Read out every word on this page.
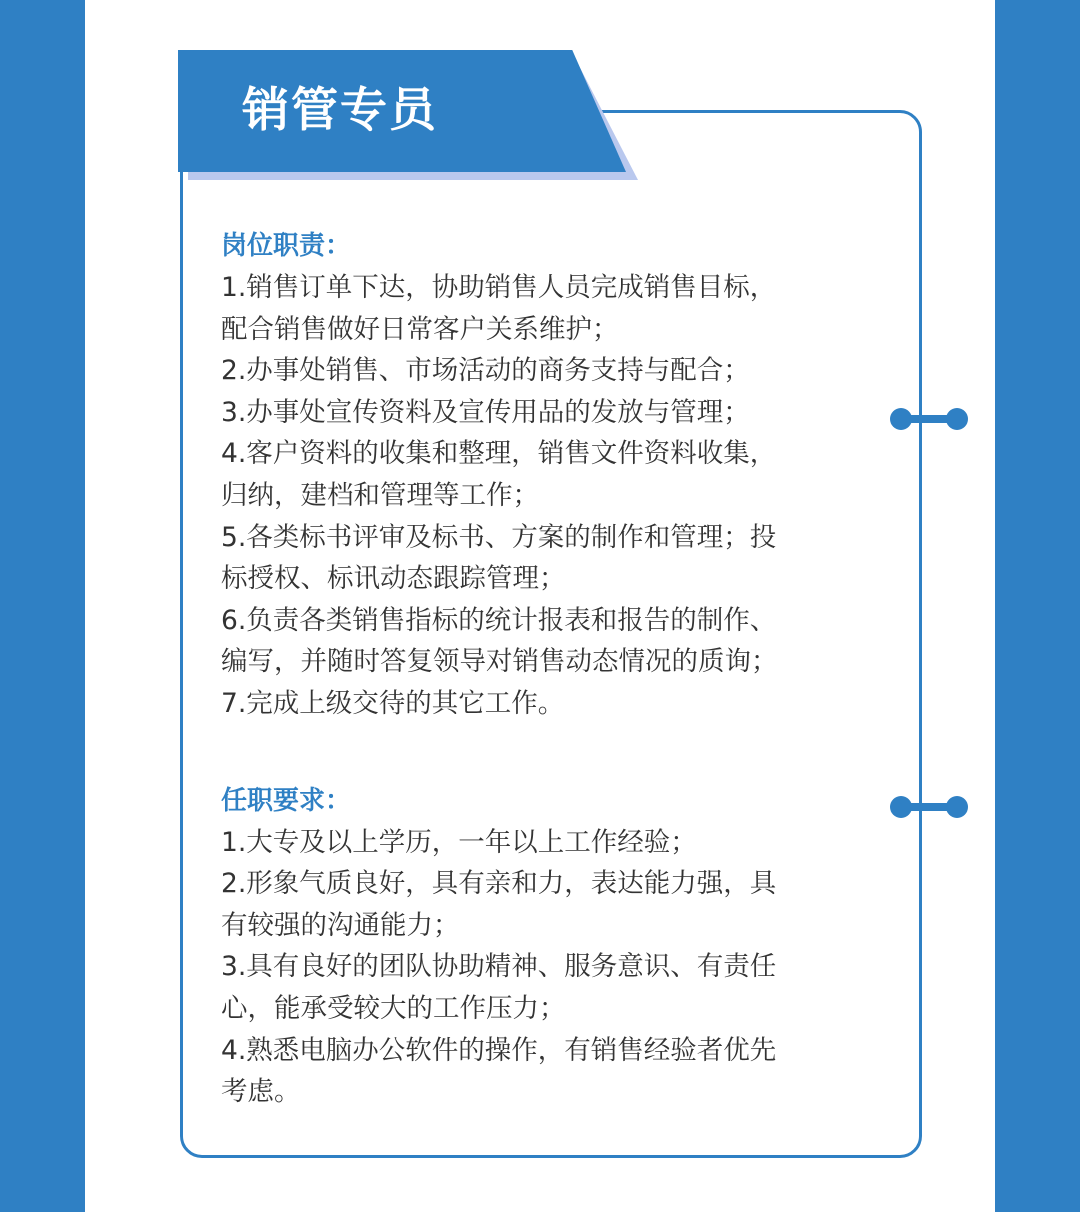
销管专员

岗位职责：

1.销售订单下达，协助销售人员完成销售目标，

配合销售做好日常客户关系维护；

2.办事处销售、市场活动的商务支持与配合；

3.办事处宣传资料及宣传用品的发放与管理；

4.客户资料的收集和整理，销售文件资料收集，

归纳，建档和管理等工作；

5.各类标书评审及标书、方案的制作和管理；投

标授权、标讯动态跟踪管理；

6.负责各类销售指标的统计报表和报告的制作、

编写，并随时答复领导对销售动态情况的质询；

7.完成上级交待的其它工作。

任职要求：

1.大专及以上学历，一年以上工作经验；

2.形象气质良好，具有亲和力，表达能力强，具

有较强的沟通能力；

3.具有良好的团队协助精神、服务意识、有责任

心，能承受较大的工作压力；

4.熟悉电脑办公软件的操作，有销售经验者优先

考虑。
